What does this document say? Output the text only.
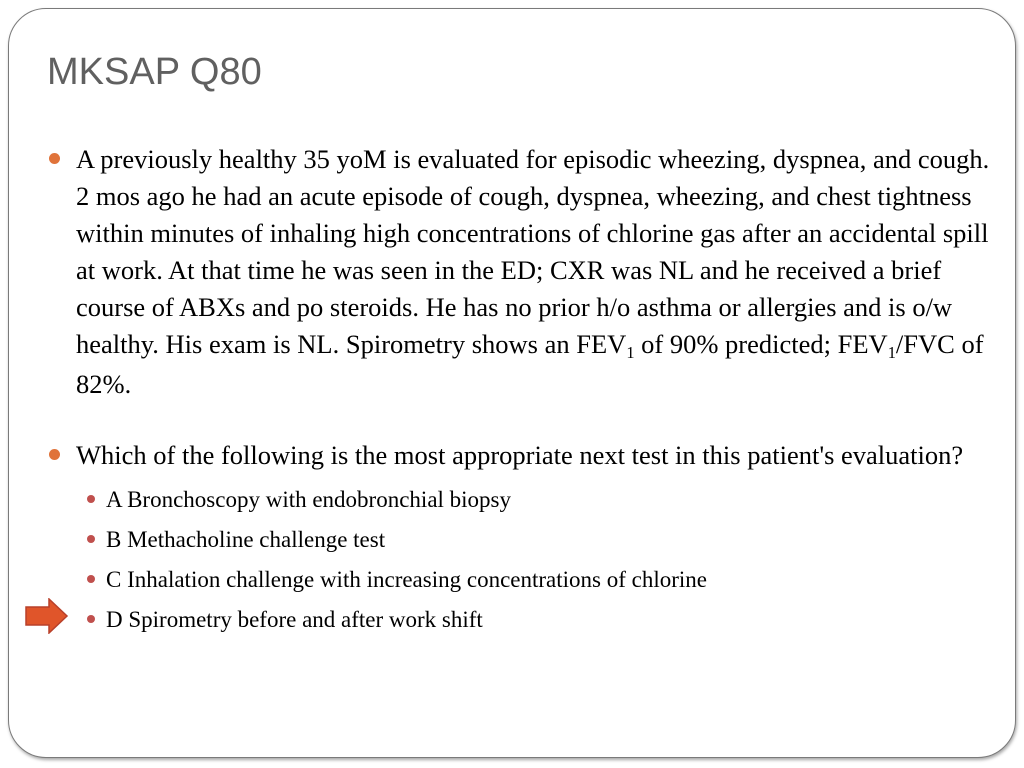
MKSAP Q80

A previously healthy 35 yoM is evaluated for episodic wheezing, dyspnea, and cough. 2 mos ago he had an acute episode of cough, dyspnea, wheezing, and chest tightness within minutes of inhaling high concentrations of chlorine gas after an accidental spill at work. At that time he was seen in the ED; CXR was NL and he received a brief course of ABXs and po steroids. He has no prior h/o asthma or allergies and is o/w healthy. His exam is NL. Spirometry shows an $FEV_1$ of 90% predicted; $FEV_1$/FVC of 82%.

Which of the following is the most appropriate next test in this patient's evaluation?

A Bronchoscopy with endobronchial biopsy

B Methacholine challenge test

C Inhalation challenge with increasing concentrations of chlorine

D Spirometry before and after work shift
